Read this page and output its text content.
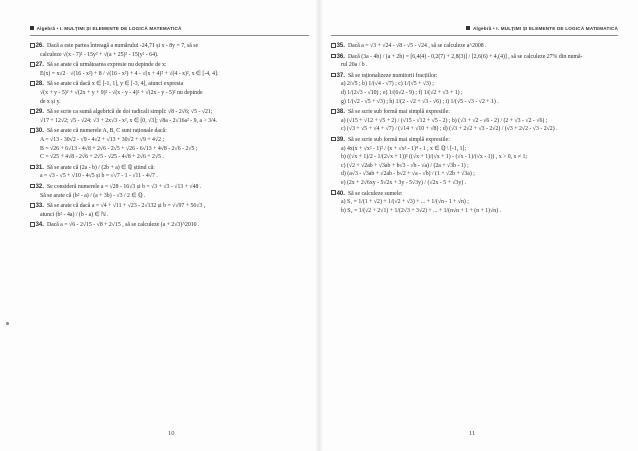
Algebră • I. MULȚIMI ȘI ELEMENTE DE LOGICĂ MATEMATICĂ
26. Dacă a este partea întreagă a numărului -24,71 și x - 8y = 7, să se
calculeze √(x - 7)² - 15y² + √(a + 25)² - 15(y² - 64).
27. Să se arate că următoarea expresie nu depinde de x:
E(x) = x√2 · √(16 - x²) + 8 / √(16 - x²) + 4 - √(x + 4)² + √(4 - x)², x ∈ [-4, 4].
28. Să se arate că dacă x ∈ [-1, 1], y ∈ [-3, 4], atunci expresia
√(x + y - 5)² + √(2x + y + 9)² - √(x - y - 4)² + √(2x - y - 5)² nu depinde
de x și y.
29. Să se scrie ca sumă algebrică de doi radicali simpli: √8 - 2√6; √5 - √21;
√17 + 12√2; √5 - √24; √3 + 2x√3 - x², x ∈ [0, √3]; √8a - 2√16a² - 9, a > 3/4.
30. Să se arate că numerele A, B, C sunt raționale dacă:
A = √13 - 30√2 - √9 - 4√2 + √13 + 30√2 + √9 + 4√2 ;
B = √26 + 6√13 - 4√8 + 2√6 - 2√5 + √26 - 6√13 + 4√8 - 2√6 - 2√5 ;
C = √25 + 4√8 - 2√6 + 2√5 - √25 - 4√8 + 2√6 + 2√5 .
31. Să se arate că (2a - b) / (2b + a) ∈ ℚ știind că:
a = √3 - √5 + √10 - 4√5 și b = √√7 - 1 - √11 - 4√7 .
32. Se consideră numerele a = √28 - 16√3 și b = √3 + √3 - √13 + √48 .
Să se arate că (b² - a) / (a + 3b) - √3 / 2 ∈ ℚ .
33. Să se arate că dacă a = √4 + √11 + √23 - 2√132 și b = √√97 + 56√3 ,
atunci (b² - 4a) / (b - a) ∈ ℕ .
34. Dacă a = √6 - 2√15 - √8 + 2√15 , să se calculeze (a + 2√3)^2010 .
10
Algebră • I. MULȚIMI ȘI ELEMENTE DE LOGICĂ MATEMATICĂ
35. Dacă a = √3 + √24 - √8 - √5 - √24 , să se calculeze a^2008 .
36. Dacă (3a - 4b) / (a + 2b) = [6,4(4) - 0,2(7) + 2,8(3)] / [2,6(6) + 4,(4)] , să se calculeze 27% din numă-
rul 20a / b .
37. Să se raționalizeze numitorii fracțiilor:
a) 2/√5 ; b) 1/(√4 - √7) ; c) 1/(√5 + √3) ;
d) 1/(2√3 - √10) ; e) 1/(6√2 - 9) ; f) 1/(√2 + √3 + 1) ;
g) 1/(√2 - √5 + √3) ; h) 1/(2 - √2 + √3 - √6) ; i) 1/(√5 - √3 - √2 + 1) .
38. Să se scrie sub formă mai simplă expresiile:
a) (√15 + √12 + √5 + 2) / (√15 - √12 + √5 - 2) ; b) (√3 + √2 - √6 - 2) / (2 + √3 - √2 - √6) ;
c) (√3 + √5 + √4 + √7) / (√14 + √10 + √8) ; d) (√3 + 2√2 + √3 - 2√2) / (√3 + 2√2 - √3 - 2√2) .
39. Să se scrie sub formă mai simplă expresiile:
a) 4x(x + √x² - 1)² / (x + √x² - 1)⁴ - 1 , x ∈ ℚ \ [-1, 1];
b) ((√x + 1)/2 - 1/(2√x + 1))² ((√x + 1)/(√x + 1) - (√x - 1)/(√x - 1)) , x > 0, x ≠ 1;
c) (√2 + √2ab + √3ab + b√3 - √b - √a) / (2a + √3b - 1) ;
d) (a√3 - √3ab + √2ab - b√2 + √a - √b) / (1 + √2b + √3a) ;
e) (2x + 2√6xy - 5√2x + 3y - 5√3y) / (√2x - 5 + √3y) .
40. Să se calculeze sumele:
a) S₁ = 1/(1 + √2) + 1/(√2 + √3) + ... + 1/(√n - 1 + √n) ;
b) S₂ = 1/(√2 + 2√1) + 1/(2√3 + 3√2) + ... + 1/(n√n + 1 + (n + 1)√n) .
11
